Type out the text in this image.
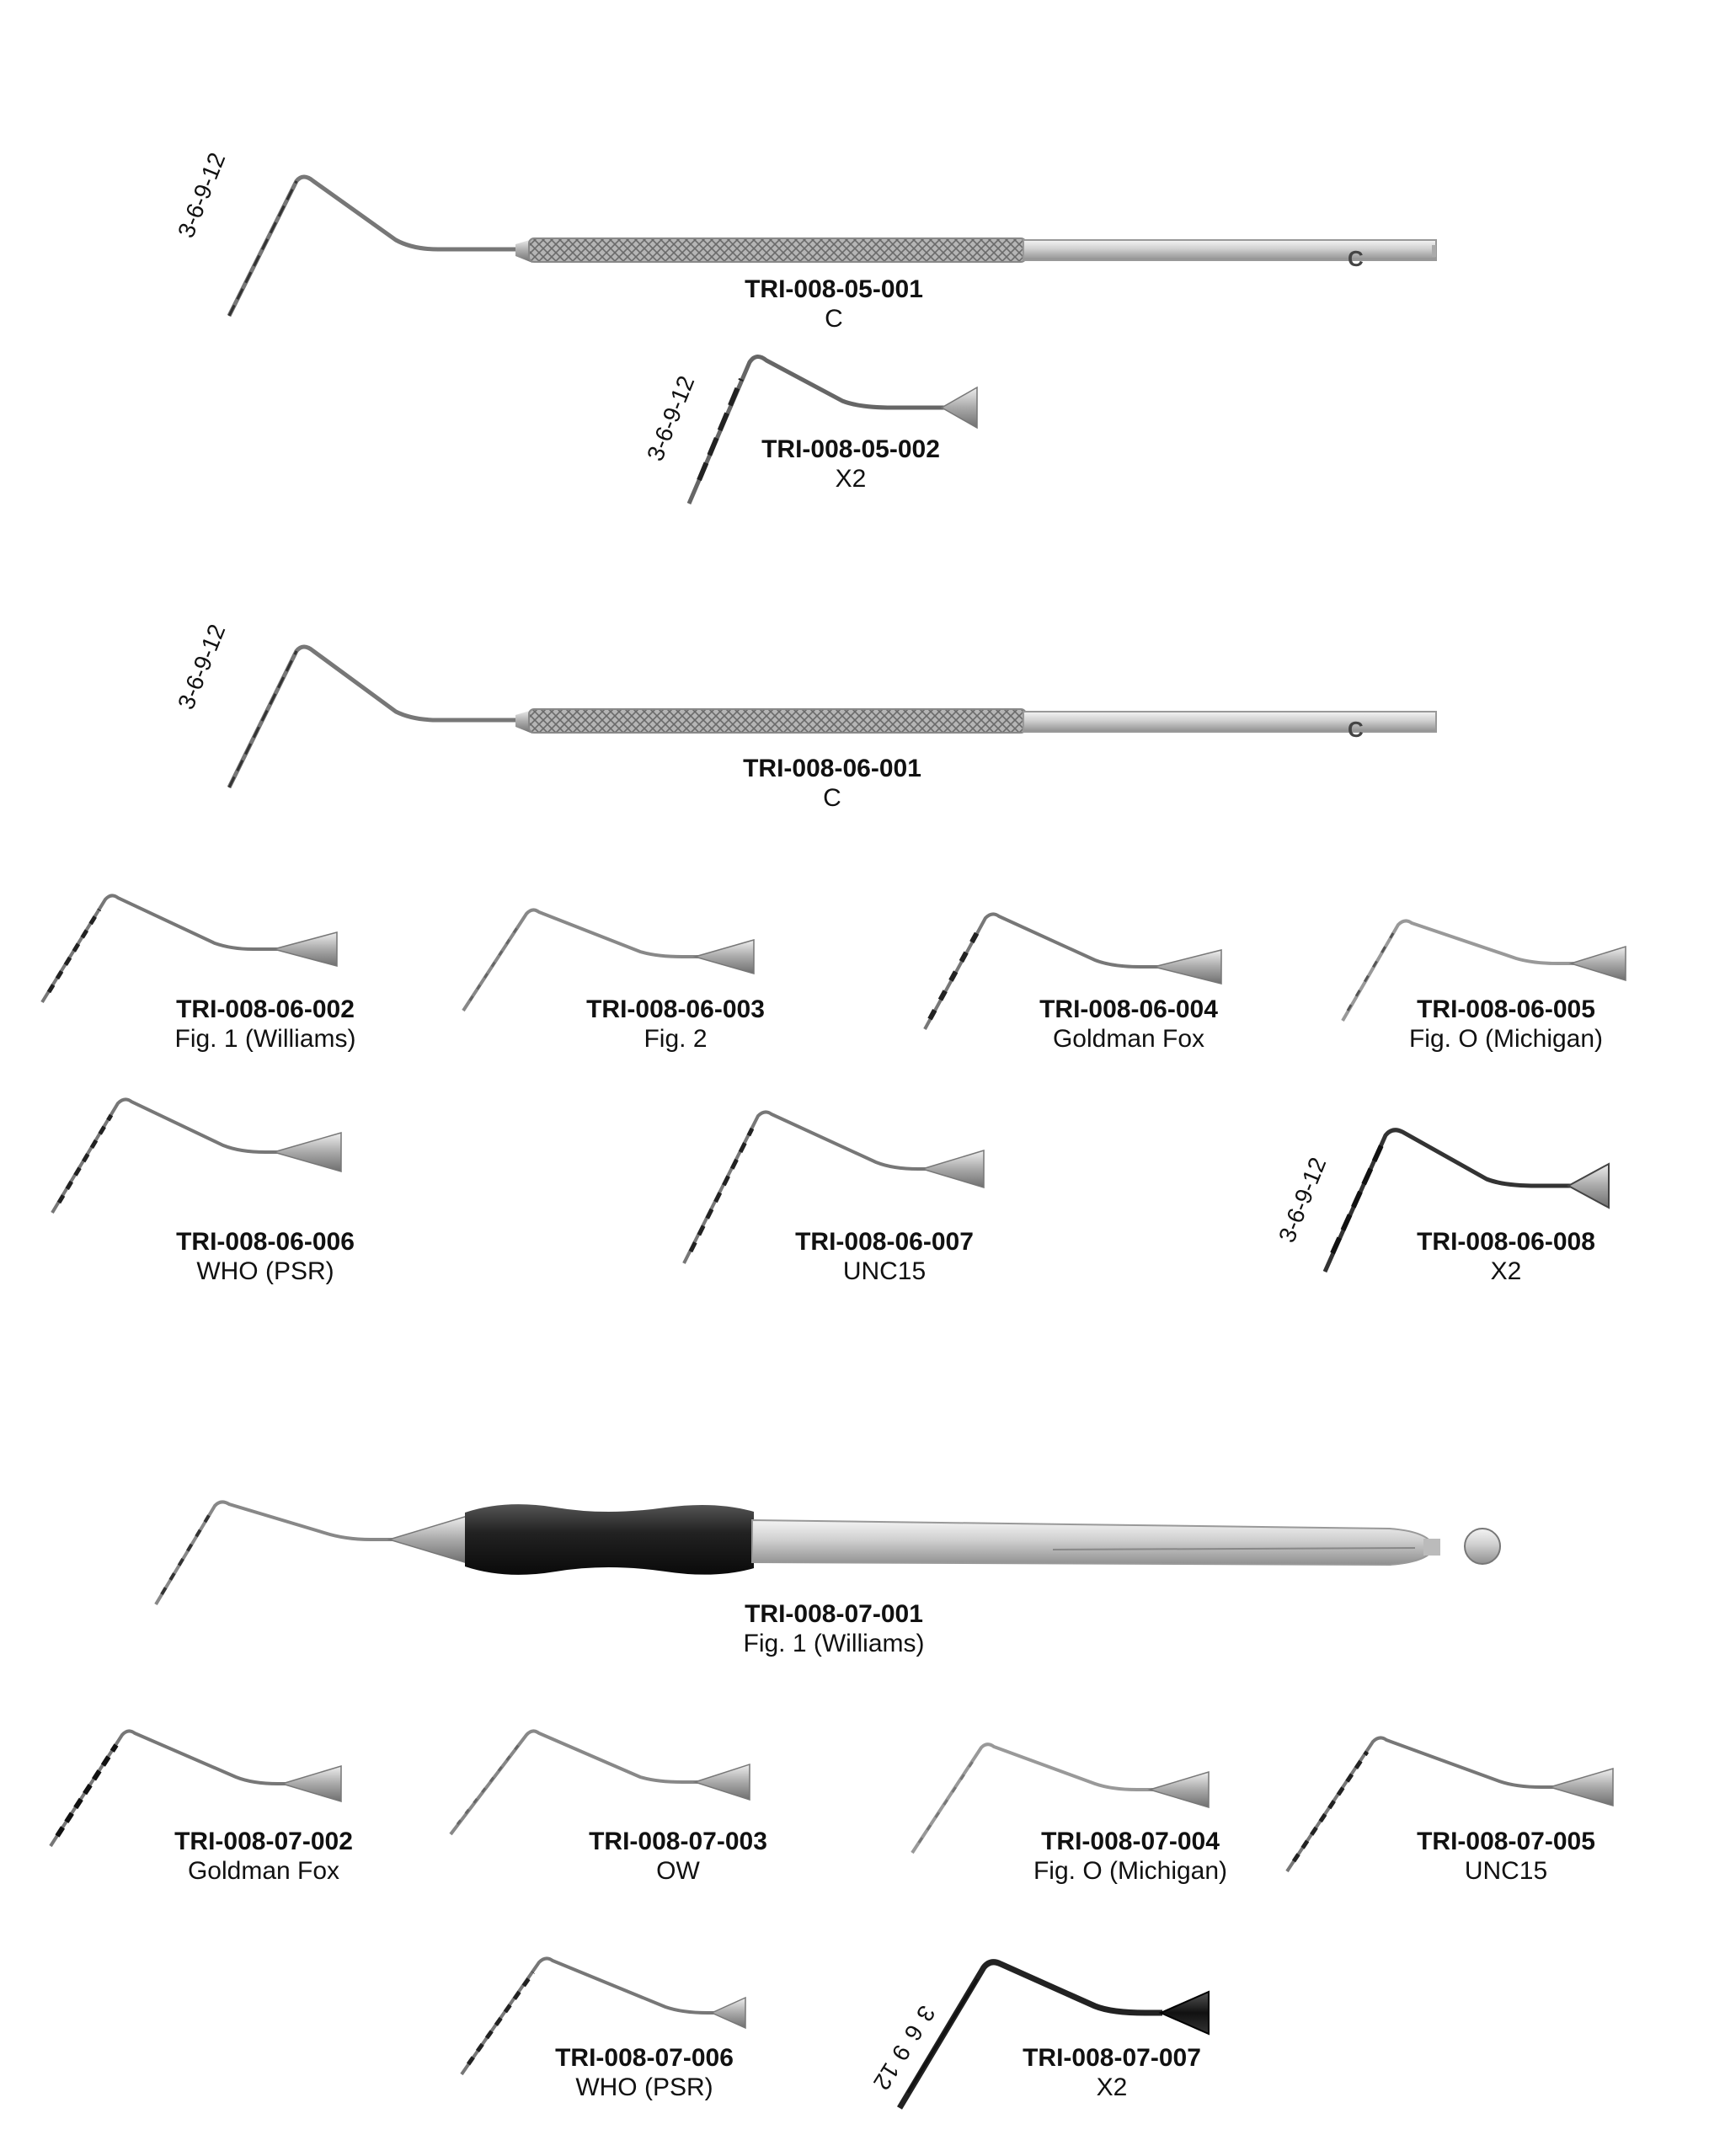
C
C
3-6-9-12
3-6-9-12
3-6-9-12
3-6-9-12
12963
TRI-008-05-001
C
TRI-008-05-002
X2
TRI-008-06-001
C
TRI-008-06-002
Fig. 1 (Williams)
TRI-008-06-003
Fig. 2
TRI-008-06-004
Goldman Fox
TRI-008-06-005
Fig. O (Michigan)
TRI-008-06-006
WHO (PSR)
TRI-008-06-007
UNC15
TRI-008-06-008
X2
TRI-008-07-001
Fig. 1 (Williams)
TRI-008-07-002
Goldman Fox
TRI-008-07-003
OW
TRI-008-07-004
Fig. O (Michigan)
TRI-008-07-005
UNC15
TRI-008-07-006
WHO (PSR)
TRI-008-07-007
X2
